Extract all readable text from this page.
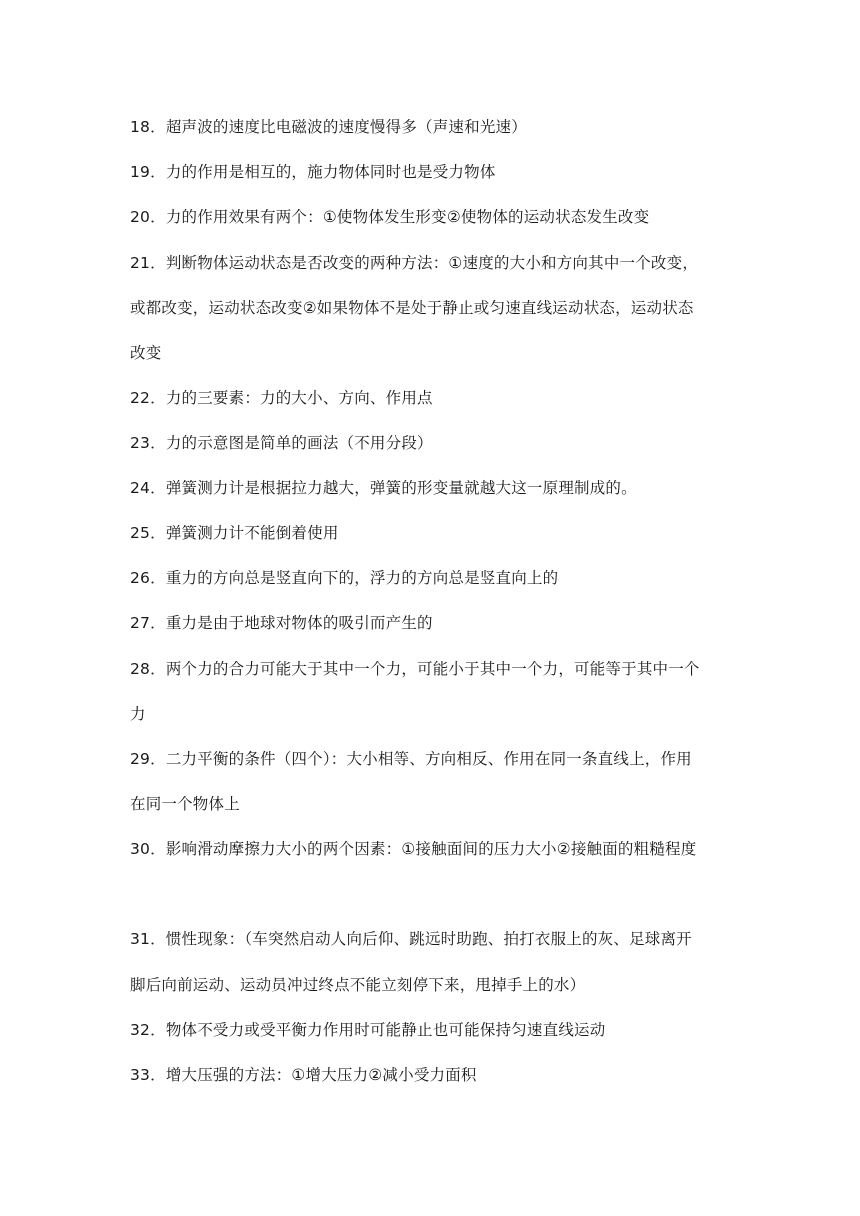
18．超声波的速度比电磁波的速度慢得多（声速和光速）
19．力的作用是相互的，施力物体同时也是受力物体
20．力的作用效果有两个：①使物体发生形变②使物体的运动状态发生改变
21．判断物体运动状态是否改变的两种方法：①速度的大小和方向其中一个改变，
或都改变，运动状态改变②如果物体不是处于静止或匀速直线运动状态，运动状态
改变
22．力的三要素：力的大小、方向、作用点
23．力的示意图是简单的画法（不用分段）
24．弹簧测力计是根据拉力越大，弹簧的形变量就越大这一原理制成的。
25．弹簧测力计不能倒着使用
26．重力的方向总是竖直向下的，浮力的方向总是竖直向上的
27．重力是由于地球对物体的吸引而产生的
28．两个力的合力可能大于其中一个力，可能小于其中一个力，可能等于其中一个
力
29．二力平衡的条件（四个）：大小相等、方向相反、作用在同一条直线上，作用
在同一个物体上
30．影响滑动摩擦力大小的两个因素：①接触面间的压力大小②接触面的粗糙程度
31．惯性现象：（车突然启动人向后仰、跳远时助跑、拍打衣服上的灰、足球离开
脚后向前运动、运动员冲过终点不能立刻停下来，甩掉手上的水）
32．物体不受力或受平衡力作用时可能静止也可能保持匀速直线运动
33．增大压强的方法：①增大压力②减小受力面积
